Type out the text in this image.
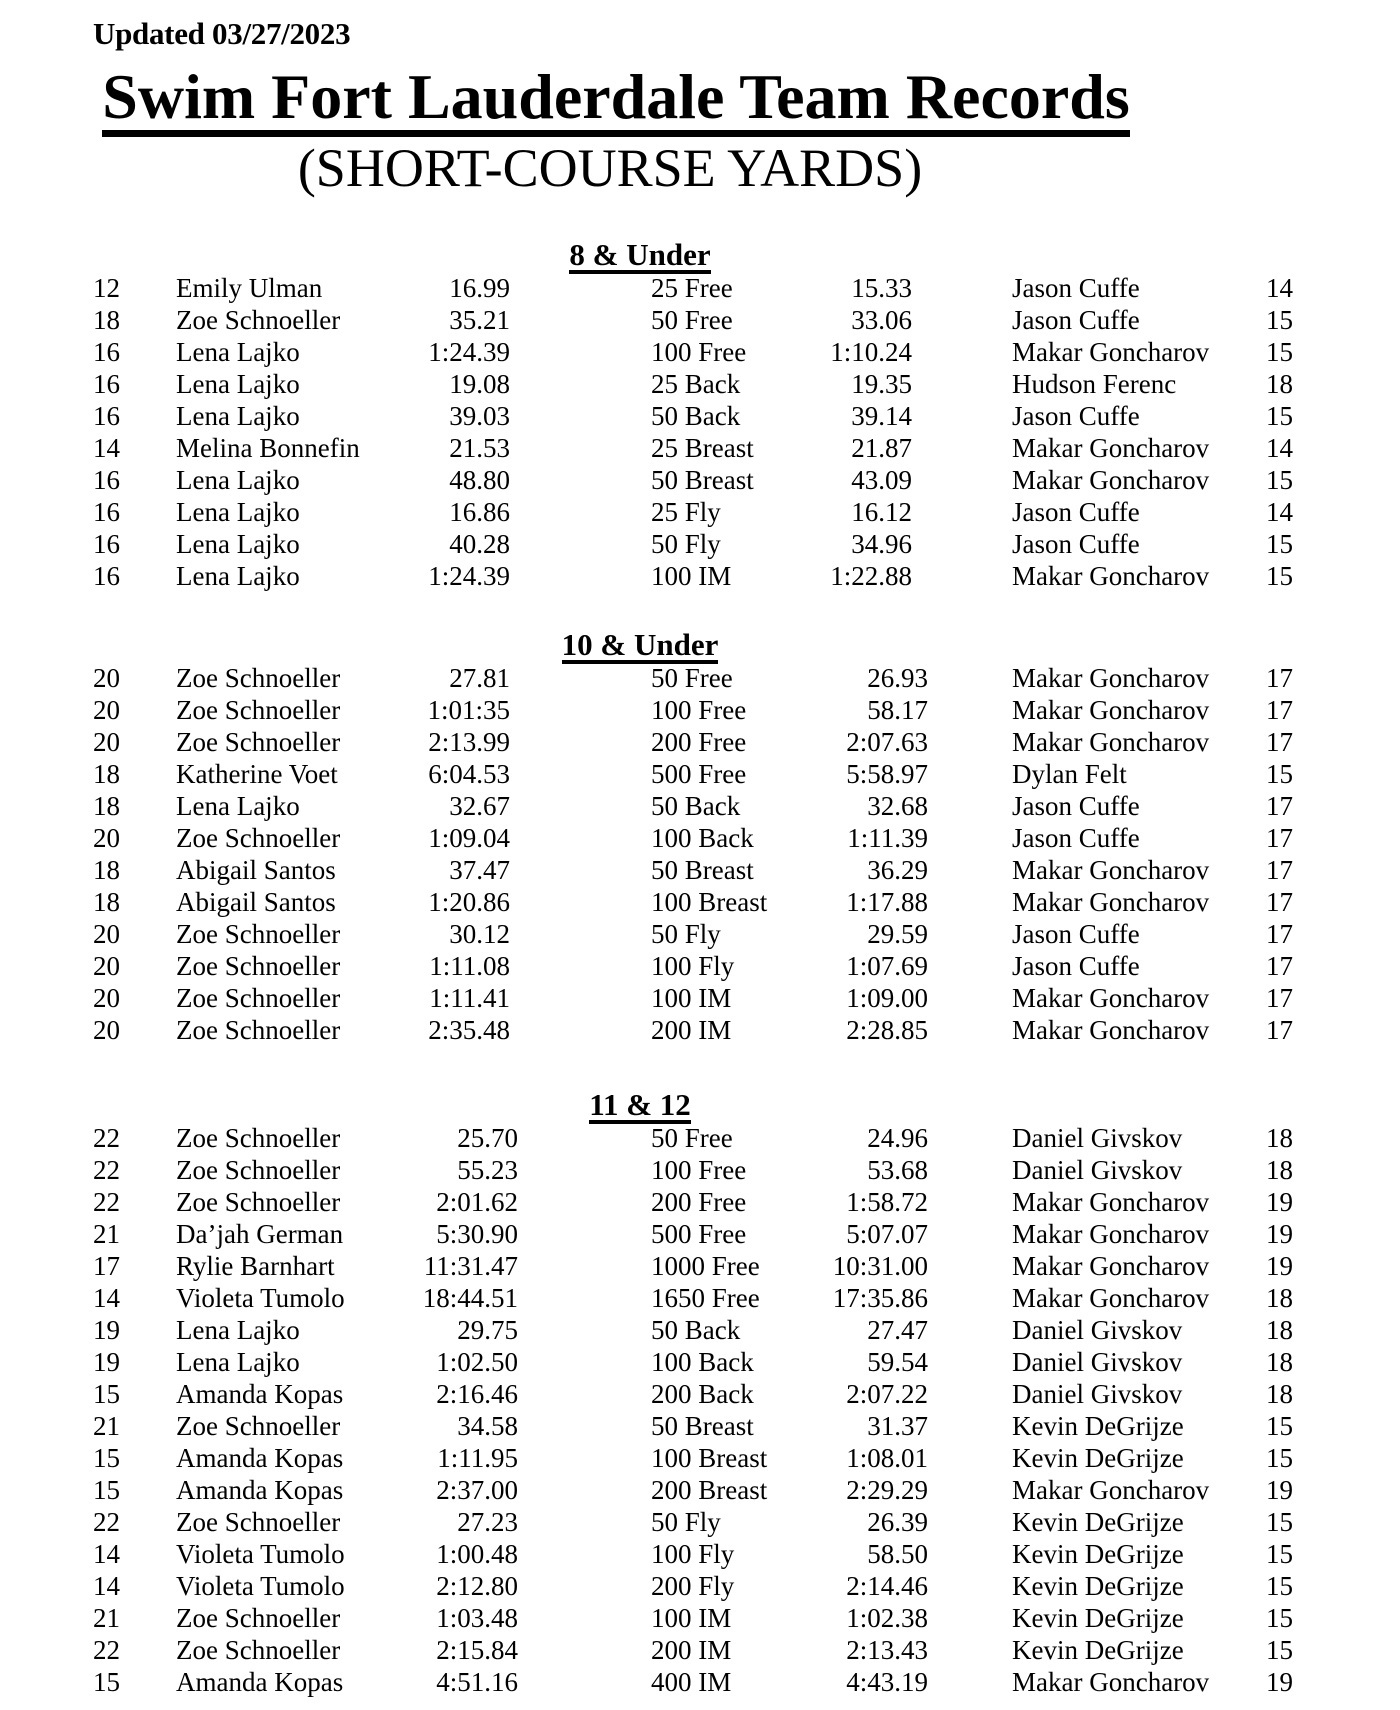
Updated 03/27/2023
Swim Fort Lauderdale Team Records
(SHORT-COURSE YARDS)
8 & Under
12 Emily Ulman	16.99	25 Free	15.33	Jason Cuffe	14
18 Zoe Schnoeller	35.21	50 Free	33.06	Jason Cuffe	15
16 Lena Lajko	1:24.39	100 Free	1:10.24	Makar Goncharov 15
16 Lena Lajko	19.08	25 Back	19.35	Hudson Ferenc	18
16 Lena Lajko	39.03	50 Back	39.14	Jason Cuffe	15
14 Melina Bonnefin	21.53	25 Breast	21.87	Makar Goncharov 14
16 Lena Lajko	48.80	50 Breast	43.09	Makar Goncharov 15
16 Lena Lajko	16.86	25 Fly	16.12	Jason Cuffe	14
16 Lena Lajko	40.28	50 Fly	34.96	Jason Cuffe	15
16 Lena Lajko	1:24.39	100 IM	1:22.88	Makar Goncharov 15
10 & Under
20 Zoe Schnoeller	27.81	50 Free	26.93	Makar Goncharov 17
20 Zoe Schnoeller	1:01:35	100 Free	58.17	Makar Goncharov 17
20 Zoe Schnoeller	2:13.99	200 Free	2:07.63	Makar Goncharov 17
18 Katherine Voet	6:04.53	500 Free	5:58.97	Dylan Felt	15
18 Lena Lajko	32.67	50 Back	32.68	Jason Cuffe	17
20 Zoe Schnoeller	1:09.04	100 Back	1:11.39	Jason Cuffe	17
18 Abigail Santos	37.47	50 Breast	36.29	Makar Goncharov 17
18 Abigail Santos	1:20.86	100 Breast	1:17.88	Makar Goncharov 17
20 Zoe Schnoeller	30.12	50 Fly	29.59	Jason Cuffe	17
20 Zoe Schnoeller	1:11.08	100 Fly	1:07.69	Jason Cuffe	17
20 Zoe Schnoeller	1:11.41	100 IM	1:09.00	Makar Goncharov 17
20 Zoe Schnoeller	2:35.48	200 IM	2:28.85	Makar Goncharov 17
11 & 12
22 Zoe Schnoeller	25.70	50 Free	24.96	Daniel Givskov	18
22 Zoe Schnoeller	55.23	100 Free	53.68	Daniel Givskov	18
22 Zoe Schnoeller	2:01.62	200 Free	1:58.72	Makar Goncharov 19
21 Da’jah German	5:30.90	500 Free	5:07.07	Makar Goncharov 19
17 Rylie Barnhart	11:31.47	1000 Free	10:31.00	Makar Goncharov 19
14 Violeta Tumolo	18:44.51	1650 Free	17:35.86	Makar Goncharov 18
19 Lena Lajko	29.75	50 Back	27.47	Daniel Givskov	18
19 Lena Lajko	1:02.50	100 Back	59.54	Daniel Givskov	18
15 Amanda Kopas	2:16.46	200 Back	2:07.22	Daniel Givskov	18
21 Zoe Schnoeller	34.58	50 Breast	31.37	Kevin DeGrijze	15
15 Amanda Kopas	1:11.95	100 Breast	1:08.01	Kevin DeGrijze	15
15 Amanda Kopas	2:37.00	200 Breast	2:29.29	Makar Goncharov 19
22 Zoe Schnoeller	27.23	50 Fly	26.39	Kevin DeGrijze	15
14 Violeta Tumolo	1:00.48	100 Fly	58.50	Kevin DeGrijze	15
14 Violeta Tumolo	2:12.80	200 Fly	2:14.46	Kevin DeGrijze	15
21 Zoe Schnoeller	1:03.48	100 IM	1:02.38	Kevin DeGrijze	15
22 Zoe Schnoeller	2:15.84	200 IM	2:13.43	Kevin DeGrijze	15
15 Amanda Kopas	4:51.16	400 IM	4:43.19	Makar Goncharov 19
